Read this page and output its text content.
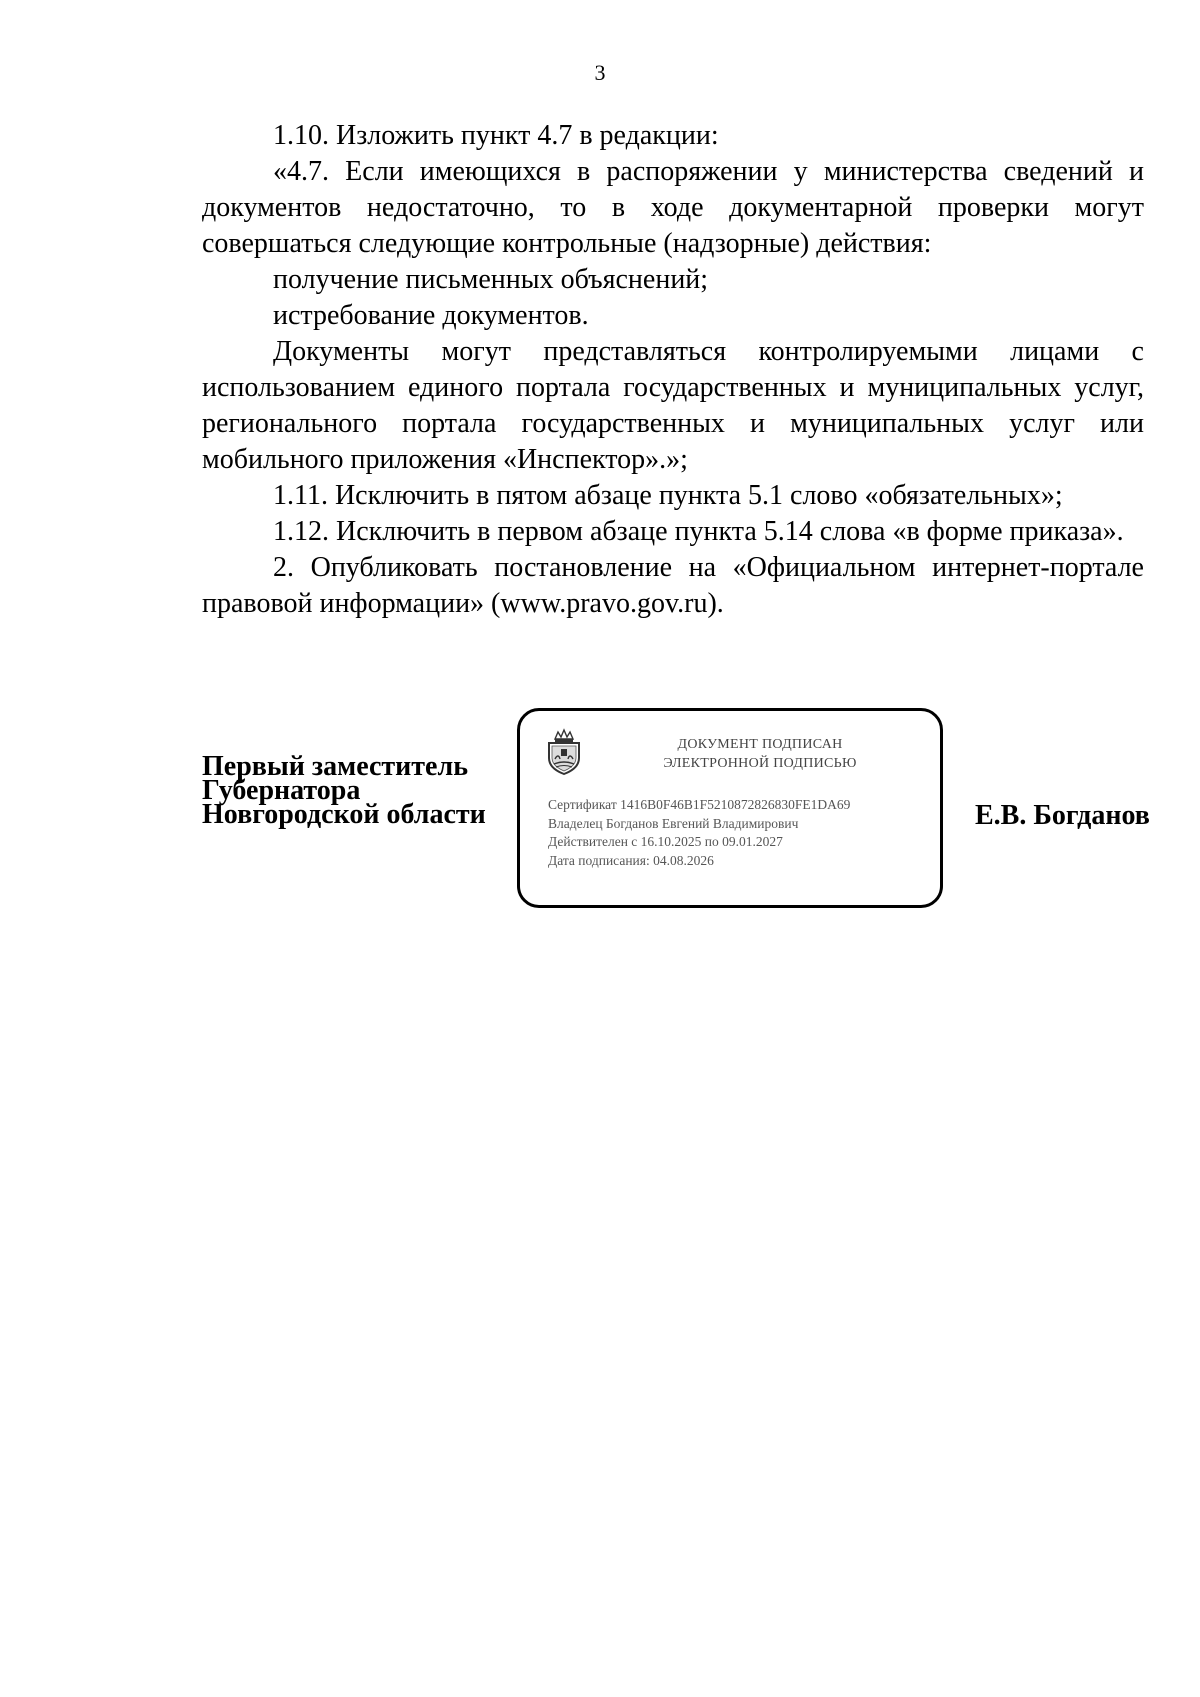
3

1.10. Изложить пункт 4.7 в редакции:

«4.7. Если имеющихся в распоряжении у министерства сведений и документов недостаточно, то в ходе документарной проверки могут совершаться следующие контрольные (надзорные) действия:

получение письменных объяснений;

истребование документов.

Документы могут представляться контролируемыми лицами с использованием единого портала государственных и муниципальных услуг, регионального портала государственных и муниципальных услуг или мобильного приложения «Инспектор».»;

1.11. Исключить в пятом абзаце пункта 5.1 слово «обязательных»;

1.12. Исключить в первом абзаце пункта 5.14 слова «в форме приказа».

2. Опубликовать постановление на «Официальном интернет-портале правовой информации» (www.pravo.gov.ru).

Первый заместитель
Губернатора
Новгородской области
ДОКУМЕНТ ПОДПИСАН
ЭЛЕКТРОННОЙ ПОДПИСЬЮ
Сертификат 1416B0F46B1F5210872826830FE1DA69
Владелец Богданов Евгений Владимирович
Действителен с 16.10.2025 по 09.01.2027
Дата подписания: 04.08.2026
Е.В. Богданов
